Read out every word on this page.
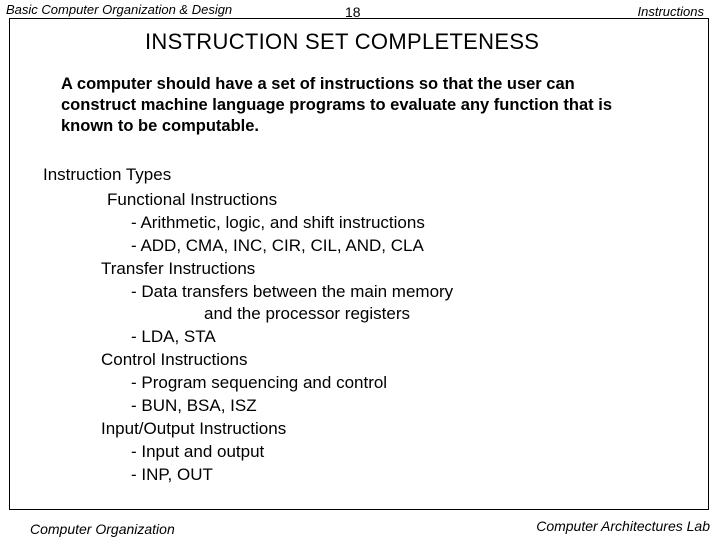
Basic Computer Organization & Design	18	Instructions
INSTRUCTION SET COMPLETENESS
A computer should have a set of instructions so that the user can
construct machine language programs to evaluate any function that is
known to be computable.
Instruction Types
Functional Instructions
- Arithmetic, logic, and shift instructions
- ADD, CMA, INC, CIR, CIL, AND, CLA
Transfer Instructions
- Data transfers between the main memory
and the processor registers
- LDA, STA
Control Instructions
- Program sequencing and control
- BUN, BSA, ISZ
Input/Output Instructions
- Input and output
- INP, OUT
Computer Organization	Computer Architectures Lab
